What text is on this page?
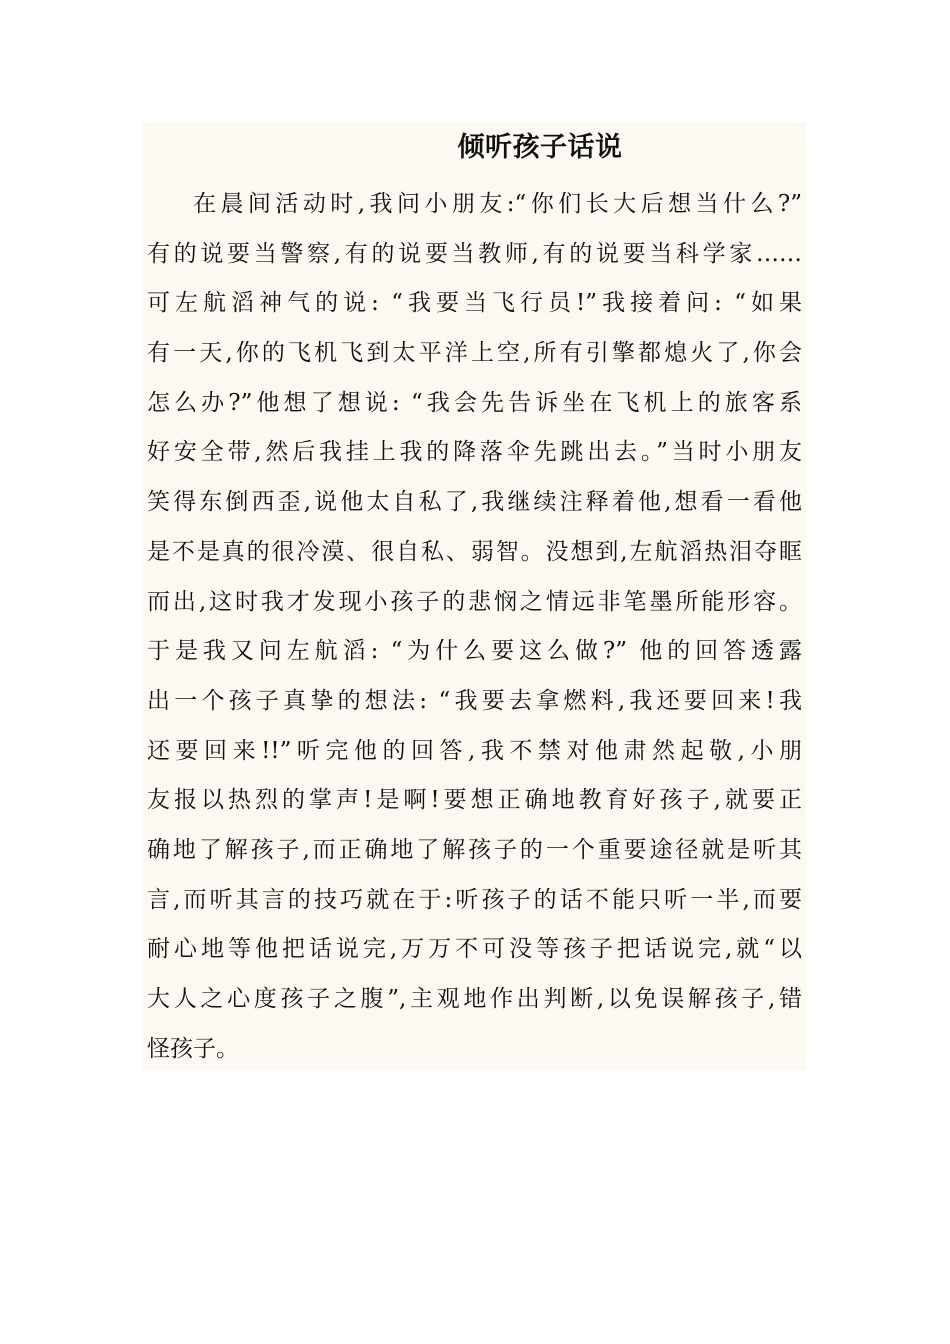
倾听孩子话说
在晨间活动时,我问小朋友:“你们长大后想当什么?”
有的说要当警察,有的说要当教师,有的说要当科学家……
可左航滔神气的说: “我要当飞行员!”我接着问: “如果
有一天,你的飞机飞到太平洋上空,所有引擎都熄火了,你会
怎么办?”他想了想说: “我会先告诉坐在飞机上的旅客系
好安全带,然后我挂上我的降落伞先跳出去。”当时小朋友
笑得东倒西歪,说他太自私了,我继续注释着他,想看一看他
是不是真的很冷漠、很自私、弱智。没想到,左航滔热泪夺眶
而出,这时我才发现小孩子的悲悯之情远非笔墨所能形容。
于是我又问左航滔: “为什么要这么做?” 他的回答透露
出一个孩子真挚的想法: “我要去拿燃料,我还要回来!我
还要回来!!”听完他的回答,我不禁对他肃然起敬,小朋
友报以热烈的掌声!是啊!要想正确地教育好孩子,就要正
确地了解孩子,而正确地了解孩子的一个重要途径就是听其
言,而听其言的技巧就在于:听孩子的话不能只听一半,而要
耐心地等他把话说完,万万不可没等孩子把话说完,就“以
大人之心度孩子之腹”,主观地作出判断,以免误解孩子,错
怪孩子。
